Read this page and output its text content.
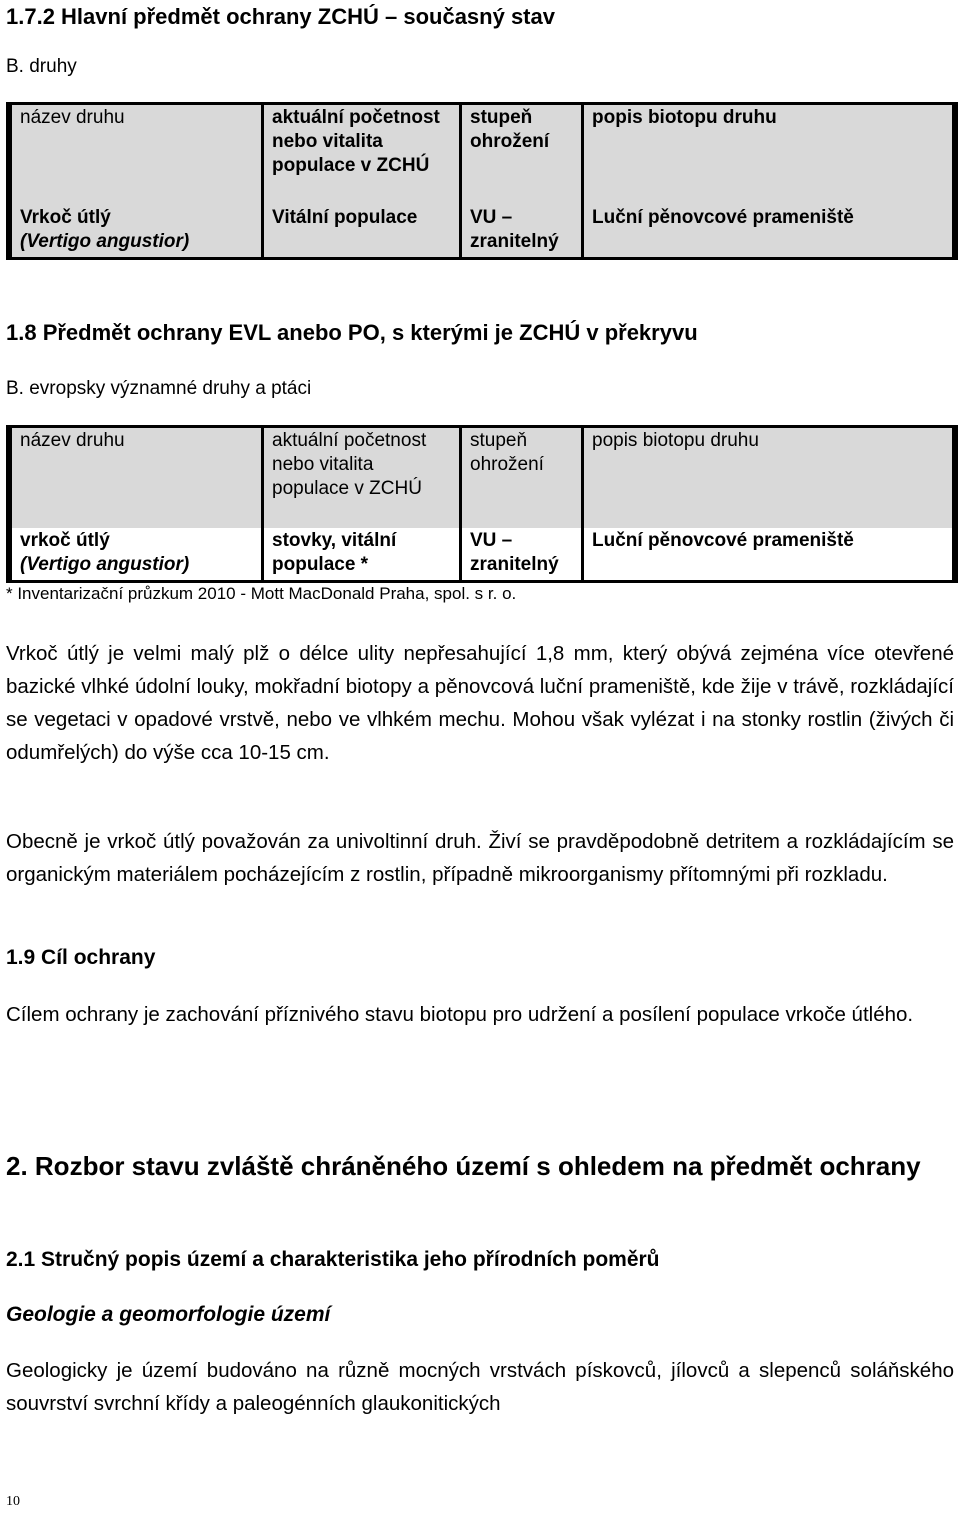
1.7.2 Hlavní předmět ochrany ZCHÚ – současný stav
B. druhy
název druhu	aktuální početnost nebo vitalita populace v ZCHÚ	stupeň ohrožení	popis biotopu druhu

Vrkoč útlý
(Vertigo angustior)	Vitální populace	VU – zranitelný	Luční pěnovcové prameniště
1.8 Předmět ochrany EVL anebo PO, s kterými je ZCHÚ v překryvu
B. evropsky významné druhy a ptáci
název druhu	aktuální početnost nebo vitalita populace v ZCHÚ	stupeň ohrožení	popis biotopu druhu

vrkoč útlý
(Vertigo angustior)	stovky, vitální populace *	VU – zranitelný	Luční pěnovcové prameniště
* Inventarizační průzkum 2010 - Mott MacDonald Praha, spol. s r. o.
Vrkoč útlý je velmi malý plž o délce ulity nepřesahující 1,8 mm, který obývá zejména více otevřené bazické vlhké údolní louky, mokřadní biotopy a pěnovcová luční prameniště, kde žije v trávě, rozkládající se vegetaci v opadové vrstvě, nebo ve vlhkém mechu. Mohou však vylézat i na stonky rostlin (živých či odumřelých) do výše cca 10-15 cm.
Obecně je vrkoč útlý považován za univoltinní druh. Živí se pravděpodobně detritem a rozkládajícím se organickým materiálem pocházejícím z rostlin, případně mikroorganismy přítomnými při rozkladu.
1.9 Cíl ochrany
Cílem ochrany je zachování příznivého stavu biotopu pro udržení a posílení populace vrkoče útlého.
2. Rozbor stavu zvláště chráněného území s ohledem na předmět ochrany
2.1 Stručný popis území a charakteristika jeho přírodních poměrů
Geologie a geomorfologie území
Geologicky je území budováno na různě mocných vrstvách pískovců, jílovců a slepenců soláňského souvrství svrchní křídy a paleogénních glaukonitických
10
